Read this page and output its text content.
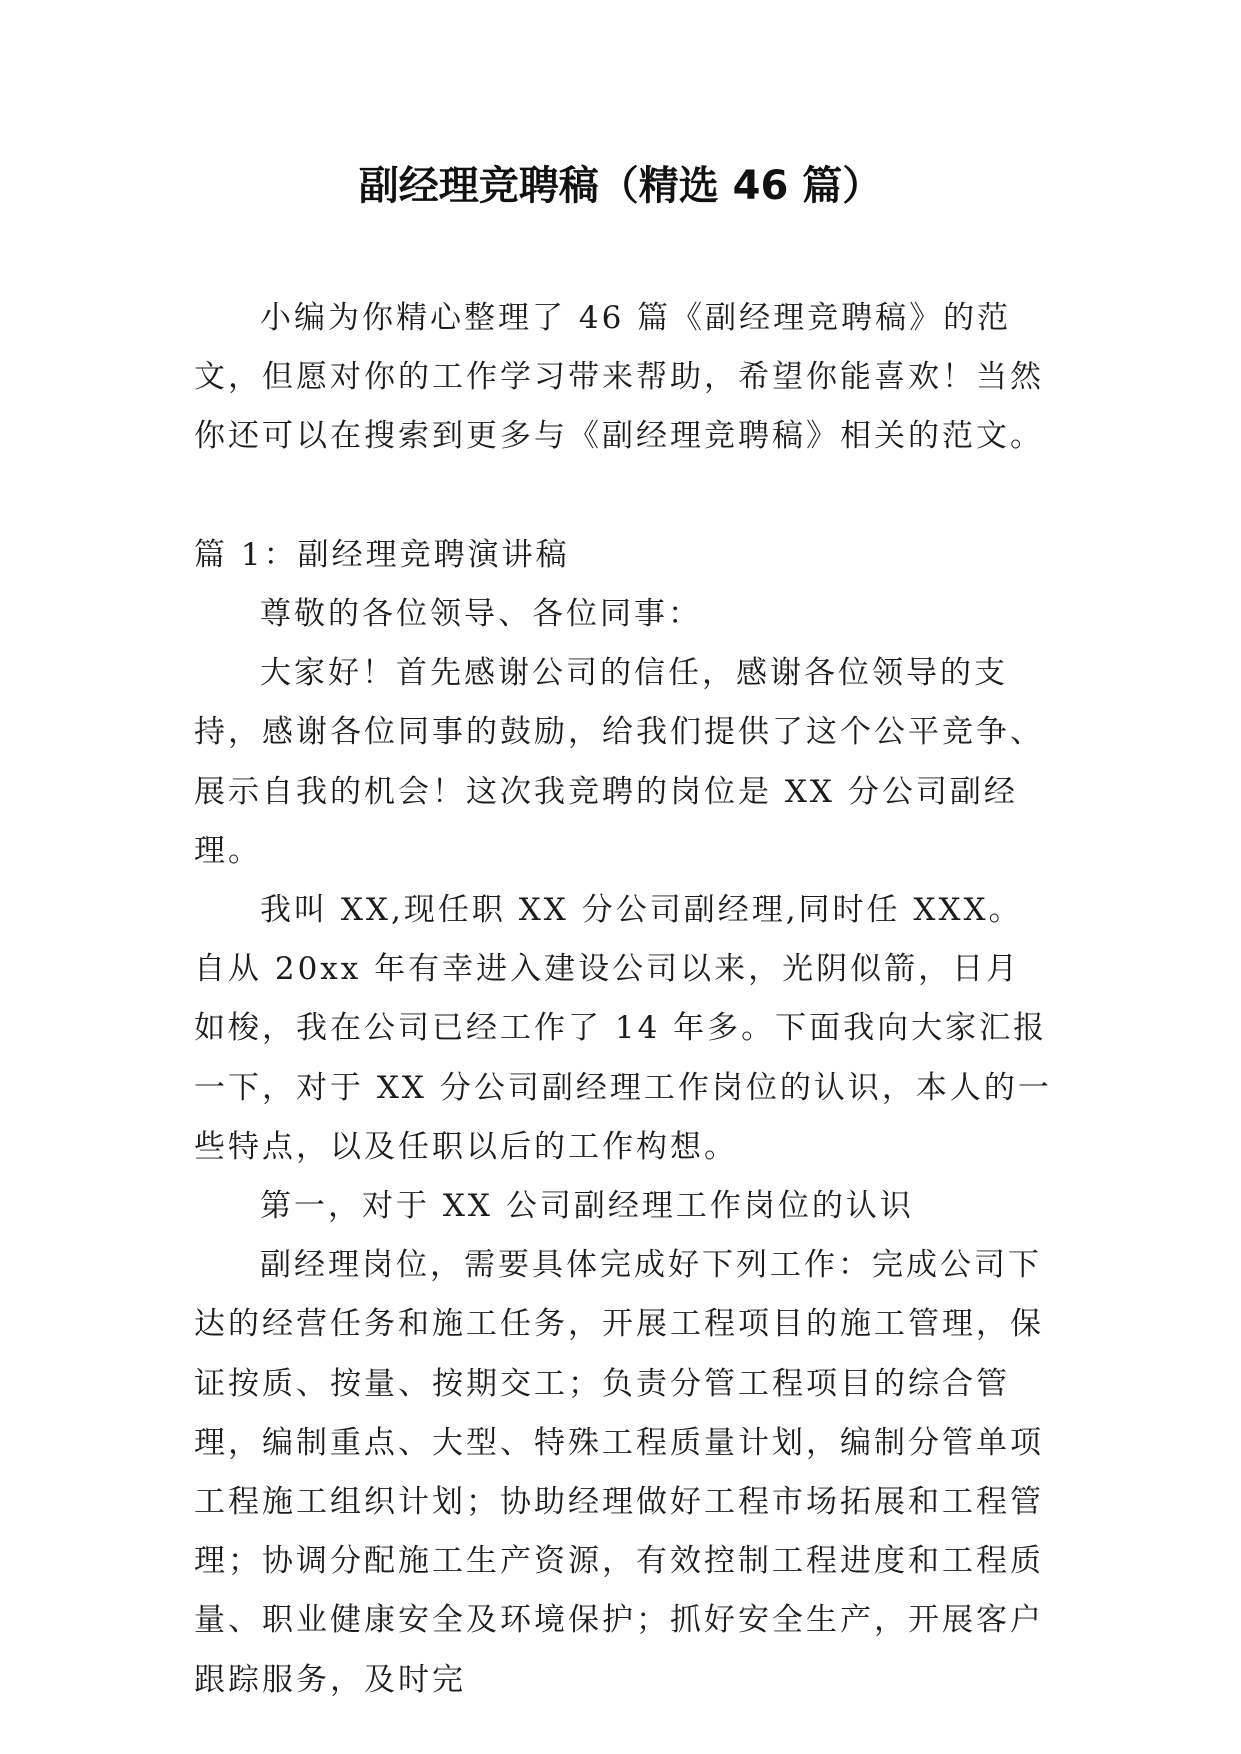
副经理竞聘稿（精选 46 篇）

小编为你精心整理了 46 篇《副经理竞聘稿》的范文，但愿对你的工作学习带来帮助，希望你能喜欢！当然你还可以在搜索到更多与《副经理竞聘稿》相关的范文。

篇 1：副经理竞聘演讲稿

尊敬的各位领导、各位同事：

大家好！首先感谢公司的信任，感谢各位领导的支持，感谢各位同事的鼓励，给我们提供了这个公平竞争、展示自我的机会！这次我竞聘的岗位是 XX 分公司副经理。

我叫 XX,现任职 XX 分公司副经理,同时任 XXX。自从 20xx 年有幸进入建设公司以来，光阴似箭，日月如梭，我在公司已经工作了 14 年多。下面我向大家汇报一下，对于 XX 分公司副经理工作岗位的认识，本人的一些特点，以及任职以后的工作构想。

第一，对于 XX 公司副经理工作岗位的认识

副经理岗位，需要具体完成好下列工作：完成公司下达的经营任务和施工任务，开展工程项目的施工管理，保证按质、按量、按期交工；负责分管工程项目的综合管理，编制重点、大型、特殊工程质量计划，编制分管单项工程施工组织计划；协助经理做好工程市场拓展和工程管理；协调分配施工生产资源，有效控制工程进度和工程质量、职业健康安全及环境保护；抓好安全生产，开展客户跟踪服务，及时完
